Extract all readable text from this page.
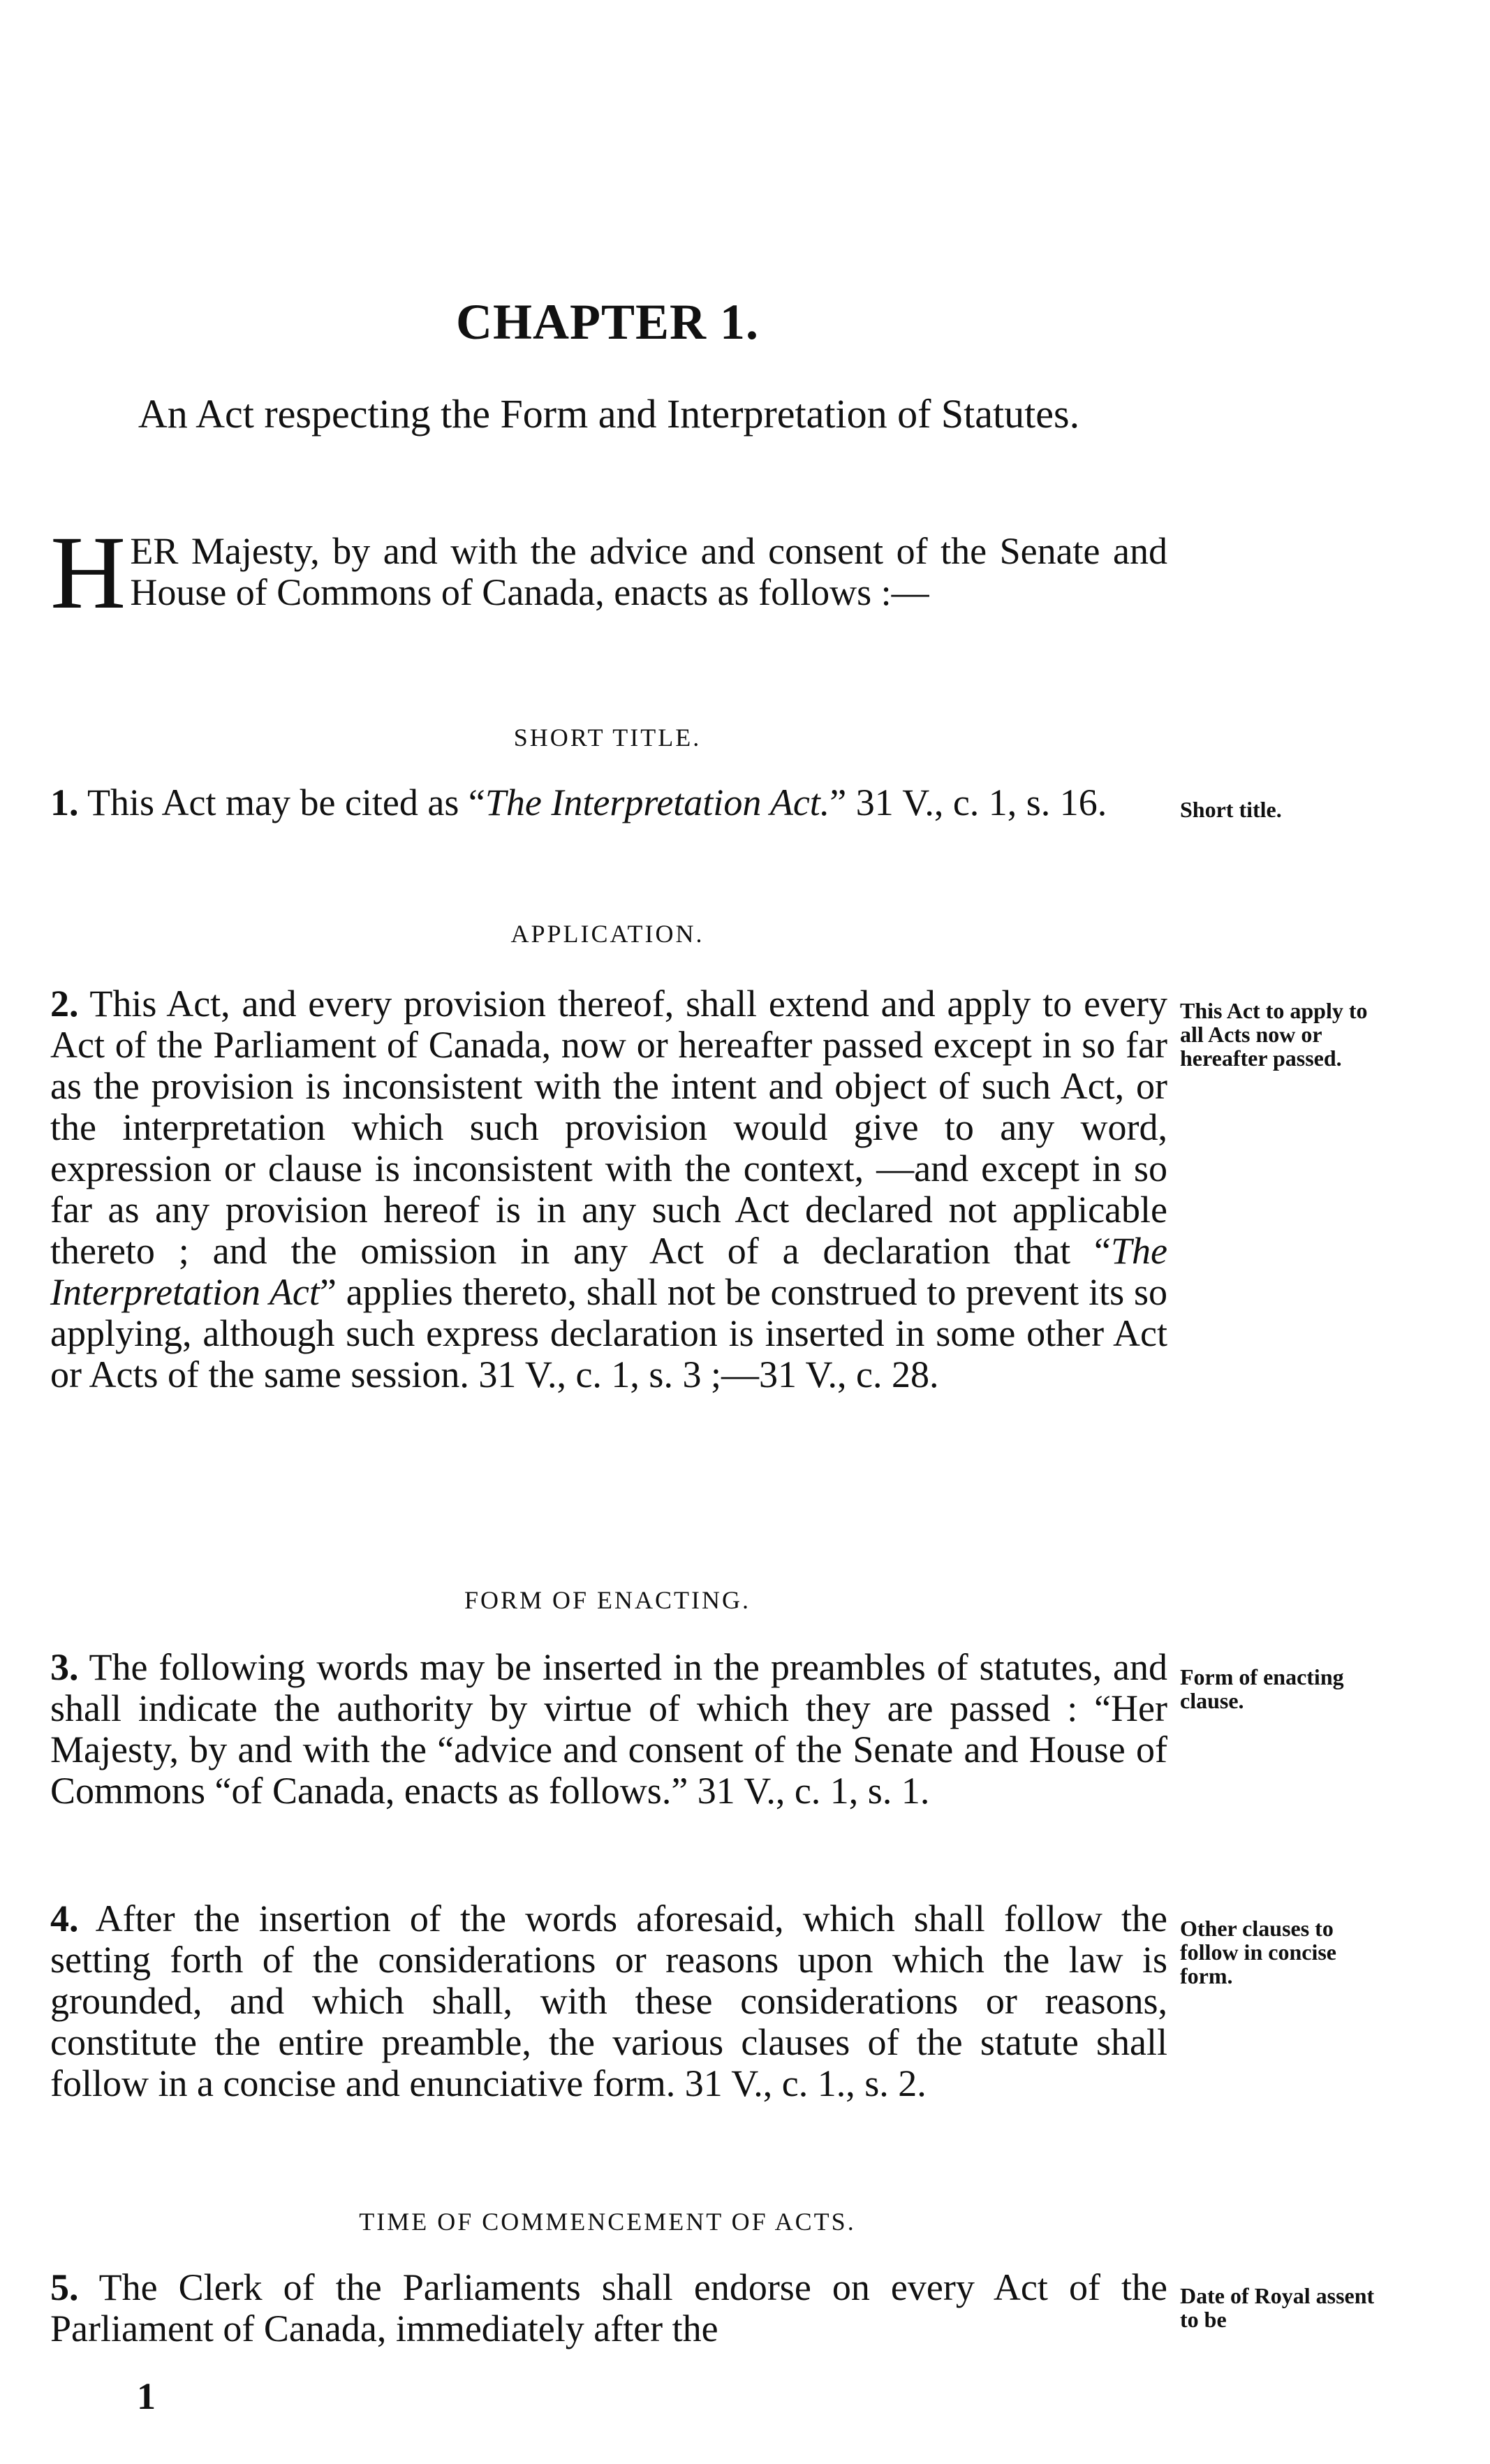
CHAPTER 1.
An Act respecting the Form and Interpretation of Statutes.
HER Majesty, by and with the advice and consent of the Senate and House of Commons of Canada, enacts as follows :—
SHORT TITLE.
1. This Act may be cited as “The Interpretation Act.” 31 V., c. 1, s. 16.	Short title.
APPLICATION.
2. This Act, and every provision thereof, shall extend and apply to every Act of the Parliament of Canada, now or hereafter passed except in so far as the provision is inconsistent with the intent and object of such Act, or the interpretation which such provision would give to any word, expression or clause is inconsistent with the context, —and except in so far as any provision hereof is in any such Act declared not applicable thereto ; and the omission in any Act of a declaration that “The Interpretation Act” applies thereto, shall not be construed to prevent its so applying, although such express declaration is inserted in some other Act or Acts of the same session. 31 V., c. 1, s. 3 ;—31 V., c. 28.
This Act to apply to all Acts now or hereafter passed.
FORM OF ENACTING.
3. The following words may be inserted in the preambles of statutes, and shall indicate the authority by virtue of which they are passed : “Her Majesty, by and with the “advice and consent of the Senate and House of Commons “of Canada, enacts as follows.” 31 V., c. 1, s. 1.
Form of enacting clause.
4. After the insertion of the words aforesaid, which shall follow the setting forth of the considerations or reasons upon which the law is grounded, and which shall, with these considerations or reasons, constitute the entire preamble, the various clauses of the statute shall follow in a concise and enunciative form. 31 V., c. 1., s. 2.
Other clauses to follow in concise form.
TIME OF COMMENCEMENT OF ACTS.
5. The Clerk of the Parliaments shall endorse on every Act of the Parliament of Canada, immediately after the
Date of Royal assent to be
1
